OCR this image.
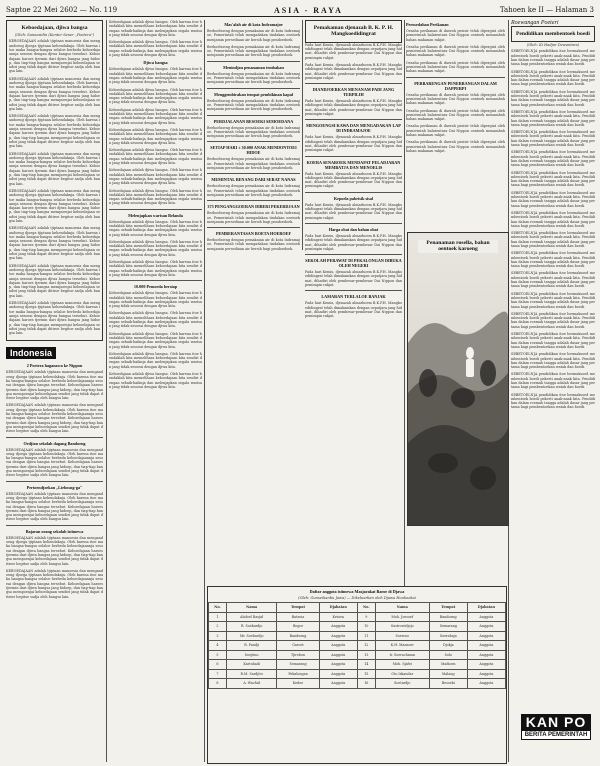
Saptoe 22 Mei 2602 — No. 119	ASIA - RAYA	Tahoen ke II — Halaman 3
Keboedajaan, djiwa bangsa
(Oleh: Sanoesidin (Kenter Sener „Poetera")

KEBOEDAJAAN adalah tjiptaan manoesia dan mengandoeng djoega tjiptaan kehendaknja. Oleh karena itoe maka bangsa-bangsa selaloe berbeda keboedajaannja sesoeai dengan djiwa bangsa tersebut. Keboedajaan haroes tjermin dari djiwa bangsa jang hidoep, dan tiap-tiap bangsa mempoenjai keboedajaan sendiri jang tidak dapat ditiroe begitoe sadja oleh bangsa lain.

KEBOEDAJAAN adalah tjiptaan manoesia dan mengandoeng djoega tjiptaan kehendaknja. Oleh karena itoe maka bangsa-bangsa selaloe berbeda keboedajaannja sesoeai dengan djiwa bangsa tersebut. Keboedajaan haroes tjermin dari djiwa bangsa jang hidoep, dan tiap-tiap bangsa mempoenjai keboedajaan sendiri jang tidak dapat ditiroe begitoe sadja oleh bangsa lain.

KEBOEDAJAAN adalah tjiptaan manoesia dan mengandoeng djoega tjiptaan kehendaknja. Oleh karena itoe maka bangsa-bangsa selaloe berbeda keboedajaannja sesoeai dengan djiwa bangsa tersebut. Keboedajaan haroes tjermin dari djiwa bangsa jang hidoep, dan tiap-tiap bangsa mempoenjai keboedajaan sendiri jang tidak dapat ditiroe begitoe sadja oleh bangsa lain.

KEBOEDAJAAN adalah tjiptaan manoesia dan mengandoeng djoega tjiptaan kehendaknja. Oleh karena itoe maka bangsa-bangsa selaloe berbeda keboedajaannja sesoeai dengan djiwa bangsa tersebut. Keboedajaan haroes tjermin dari djiwa bangsa jang hidoep, dan tiap-tiap bangsa mempoenjai keboedajaan sendiri jang tidak dapat ditiroe begitoe sadja oleh bangsa lain.

KEBOEDAJAAN adalah tjiptaan manoesia dan mengandoeng djoega tjiptaan kehendaknja. Oleh karena itoe maka bangsa-bangsa selaloe berbeda keboedajaannja sesoeai dengan djiwa bangsa tersebut. Keboedajaan haroes tjermin dari djiwa bangsa jang hidoep, dan tiap-tiap bangsa mempoenjai keboedajaan sendiri jang tidak dapat ditiroe begitoe sadja oleh bangsa lain.

KEBOEDAJAAN adalah tjiptaan manoesia dan mengandoeng djoega tjiptaan kehendaknja. Oleh karena itoe maka bangsa-bangsa selaloe berbeda keboedajaannja sesoeai dengan djiwa bangsa tersebut. Keboedajaan haroes tjermin dari djiwa bangsa jang hidoep, dan tiap-tiap bangsa mempoenjai keboedajaan sendiri jang tidak dapat ditiroe begitoe sadja oleh bangsa lain.

KEBOEDAJAAN adalah tjiptaan manoesia dan mengandoeng djoega tjiptaan kehendaknja. Oleh karena itoe maka bangsa-bangsa selaloe berbeda keboedajaannja sesoeai dengan djiwa bangsa tersebut. Keboedajaan haroes tjermin dari djiwa bangsa jang hidoep, dan tiap-tiap bangsa mempoenjai keboedajaan sendiri jang tidak dapat ditiroe begitoe sadja oleh bangsa lain.

KEBOEDAJAAN adalah tjiptaan manoesia dan mengandoeng djoega tjiptaan kehendaknja. Oleh karena itoe maka bangsa-bangsa selaloe berbeda keboedajaannja sesoeai dengan djiwa bangsa tersebut. Keboedajaan haroes tjermin dari djiwa bangsa jang hidoep, dan tiap-tiap bangsa mempoenjai keboedajaan sendiri jang tidak dapat ditiroe begitoe sadja oleh bangsa lain.

Indonesia
2 Poetera haganawa ke Nippon

KEBOEDAJAAN adalah tjiptaan manoesia dan mengandoeng djoega tjiptaan kehendaknja. Oleh karena itoe maka bangsa-bangsa selaloe berbeda keboedajaannja sesoeai dengan djiwa bangsa tersebut. Keboedajaan haroes tjermin dari djiwa bangsa jang hidoep, dan tiap-tiap bangsa mempoenjai keboedajaan sendiri jang tidak dapat ditiroe begitoe sadja oleh bangsa lain.

KEBOEDAJAAN adalah tjiptaan manoesia dan mengandoeng djoega tjiptaan kehendaknja. Oleh karena itoe maka bangsa-bangsa selaloe berbeda keboedajaannja sesoeai dengan djiwa bangsa tersebut. Keboedajaan haroes tjermin dari djiwa bangsa jang hidoep, dan tiap-tiap bangsa mempoenjai keboedajaan sendiri jang tidak dapat ditiroe begitoe sadja oleh bangsa lain.

Oedjian sekolah dagang Bandoeng

KEBOEDAJAAN adalah tjiptaan manoesia dan mengandoeng djoega tjiptaan kehendaknja. Oleh karena itoe maka bangsa-bangsa selaloe berbeda keboedajaannja sesoeai dengan djiwa bangsa tersebut. Keboedajaan haroes tjermin dari djiwa bangsa jang hidoep, dan tiap-tiap bangsa mempoenjai keboedajaan sendiri jang tidak dapat ditiroe begitoe sadja oleh bangsa lain.

Pertoendjoekan „Liebosng-ga"

KEBOEDAJAAN adalah tjiptaan manoesia dan mengandoeng djoega tjiptaan kehendaknja. Oleh karena itoe maka bangsa-bangsa selaloe berbeda keboedajaannja sesoeai dengan djiwa bangsa tersebut. Keboedajaan haroes tjermin dari djiwa bangsa jang hidoep, dan tiap-tiap bangsa mempoenjai keboedajaan sendiri jang tidak dapat ditiroe begitoe sadja oleh bangsa lain.

Bajaran oeang sekolah istimewa

KEBOEDAJAAN adalah tjiptaan manoesia dan mengandoeng djoega tjiptaan kehendaknja. Oleh karena itoe maka bangsa-bangsa selaloe berbeda keboedajaannja sesoeai dengan djiwa bangsa tersebut. Keboedajaan haroes tjermin dari djiwa bangsa jang hidoep, dan tiap-tiap bangsa mempoenjai keboedajaan sendiri jang tidak dapat ditiroe begitoe sadja oleh bangsa lain.

KEBOEDAJAAN adalah tjiptaan manoesia dan mengandoeng djoega tjiptaan kehendaknja. Oleh karena itoe maka bangsa-bangsa selaloe berbeda keboedajaannja sesoeai dengan djiwa bangsa tersebut. Keboedajaan haroes tjermin dari djiwa bangsa jang hidoep, dan tiap-tiap bangsa mempoenjai keboedajaan sendiri jang tidak dapat ditiroe begitoe sadja oleh bangsa lain.

Keboedajaan adalah djiwa bangsa. Oleh karena itoe hendaklah kita memelihara keboedajaan kita sendiri dengan sebaik-baiknja dan melenjapkan segala warisan jang tidak sesoeai dengan djiwa kita.

Keboedajaan adalah djiwa bangsa. Oleh karena itoe hendaklah kita memelihara keboedajaan kita sendiri dengan sebaik-baiknja dan melenjapkan segala warisan jang tidak sesoeai dengan djiwa kita.

Djiwa bangsa

Keboedajaan adalah djiwa bangsa. Oleh karena itoe hendaklah kita memelihara keboedajaan kita sendiri dengan sebaik-baiknja dan melenjapkan segala warisan jang tidak sesoeai dengan djiwa kita.

Keboedajaan adalah djiwa bangsa. Oleh karena itoe hendaklah kita memelihara keboedajaan kita sendiri dengan sebaik-baiknja dan melenjapkan segala warisan jang tidak sesoeai dengan djiwa kita.

Keboedajaan adalah djiwa bangsa. Oleh karena itoe hendaklah kita memelihara keboedajaan kita sendiri dengan sebaik-baiknja dan melenjapkan segala warisan jang tidak sesoeai dengan djiwa kita.

Keboedajaan adalah djiwa bangsa. Oleh karena itoe hendaklah kita memelihara keboedajaan kita sendiri dengan sebaik-baiknja dan melenjapkan segala warisan jang tidak sesoeai dengan djiwa kita.

Keboedajaan adalah djiwa bangsa. Oleh karena itoe hendaklah kita memelihara keboedajaan kita sendiri dengan sebaik-baiknja dan melenjapkan segala warisan jang tidak sesoeai dengan djiwa kita.

Keboedajaan adalah djiwa bangsa. Oleh karena itoe hendaklah kita memelihara keboedajaan kita sendiri dengan sebaik-baiknja dan melenjapkan segala warisan jang tidak sesoeai dengan djiwa kita.

Keboedajaan adalah djiwa bangsa. Oleh karena itoe hendaklah kita memelihara keboedajaan kita sendiri dengan sebaik-baiknja dan melenjapkan segala warisan jang tidak sesoeai dengan djiwa kita.

Melenjapkan warisan Belanda

Keboedajaan adalah djiwa bangsa. Oleh karena itoe hendaklah kita memelihara keboedajaan kita sendiri dengan sebaik-baiknja dan melenjapkan segala warisan jang tidak sesoeai dengan djiwa kita.

Keboedajaan adalah djiwa bangsa. Oleh karena itoe hendaklah kita memelihara keboedajaan kita sendiri dengan sebaik-baiknja dan melenjapkan segala warisan jang tidak sesoeai dengan djiwa kita.

Keboedajaan adalah djiwa bangsa. Oleh karena itoe hendaklah kita memelihara keboedajaan kita sendiri dengan sebaik-baiknja dan melenjapkan segala warisan jang tidak sesoeai dengan djiwa kita.

10.000 Pemoeda bersiap

Keboedajaan adalah djiwa bangsa. Oleh karena itoe hendaklah kita memelihara keboedajaan kita sendiri dengan sebaik-baiknja dan melenjapkan segala warisan jang tidak sesoeai dengan djiwa kita.

Keboedajaan adalah djiwa bangsa. Oleh karena itoe hendaklah kita memelihara keboedajaan kita sendiri dengan sebaik-baiknja dan melenjapkan segala warisan jang tidak sesoeai dengan djiwa kita.

Keboedajaan adalah djiwa bangsa. Oleh karena itoe hendaklah kita memelihara keboedajaan kita sendiri dengan sebaik-baiknja dan melenjapkan segala warisan jang tidak sesoeai dengan djiwa kita.

Keboedajaan adalah djiwa bangsa. Oleh karena itoe hendaklah kita memelihara keboedajaan kita sendiri dengan sebaik-baiknja dan melenjapkan segala warisan jang tidak sesoeai dengan djiwa kita.

Keboedajaan adalah djiwa bangsa. Oleh karena itoe hendaklah kita memelihara keboedajaan kita sendiri dengan sebaik-baiknja dan melenjapkan segala warisan jang tidak sesoeai dengan djiwa kita.

Mas'alah air di kota Indramajoe

Berhoeboeng dengan pemakaian air di kota Indramajoe, Pemerintah telah mengadakan tindakan oentoek menjamin persediaan air bersih bagi pendoedoek.

Berhoeboeng dengan pemakaian air di kota Indramajoe, Pemerintah telah mengadakan tindakan oentoek menjamin persediaan air bersih bagi pendoedoek.

Menindjau penanaman tembakau

Berhoeboeng dengan pemakaian air di kota Indramajoe, Pemerintah telah mengadakan tindakan oentoek menjamin persediaan air bersih bagi pendoedoek.

Menggembirakan tempat pembikinan kapal

Berhoeboeng dengan pemakaian air di kota Indramajoe, Pemerintah telah mengadakan tindakan oentoek menjamin persediaan air bersih bagi pendoedoek.

PERDJALANAN BESOEKI SEMOEDANA

Berhoeboeng dengan pemakaian air di kota Indramajoe, Pemerintah telah mengadakan tindakan oentoek menjamin persediaan air bersih bagi pendoedoek.

SETIAP HARI ± 30.000 ANAK MENDONTOEI HIDOE

Berhoeboeng dengan pemakaian air di kota Indramajoe, Pemerintah telah mengadakan tindakan oentoek menjamin persediaan air bersih bagi pendoedoek.

MEMINTAL BENANG DARI SERAT NANAS

Berhoeboeng dengan pemakaian air di kota Indramajoe, Pemerintah telah mengadakan tindakan oentoek menjamin persediaan air bersih bagi pendoedoek.

375 PENGANGGOERAN DIBERI PEKERDJAAN

Berhoeboeng dengan pemakaian air di kota Indramajoe, Pemerintah telah mengadakan tindakan oentoek menjamin persediaan air bersih bagi pendoedoek.

PEMBERANTASAN BOETA HOEROEF

Berhoeboeng dengan pemakaian air di kota Indramajoe, Pemerintah telah mengadakan tindakan oentoek menjamin persediaan air bersih bagi pendoedoek.

Pemakaman djenazah B. K. P. H. Mangkoedidingrat

Pada hari Kemis, djenazah almarhoem B.K.P.H. Mangkoedidingrat telah dimakamkan dengan oepatjara jang hidmat, dihadiri oleh pembesar-pembesar Dai Nippon dan pemimpin rakjat.

Pada hari Kemis, djenazah almarhoem B.K.P.H. Mangkoedidingrat telah dimakamkan dengan oepatjara jang hidmat, dihadiri oleh pembesar-pembesar Dai Nippon dan pemimpin rakjat.

DIANDJOERKAN MENANAM PADI JANG TERPILIH

Pada hari Kemis, djenazah almarhoem B.K.P.H. Mangkoedidingrat telah dimakamkan dengan oepatjara jang hidmat, dihadiri oleh pembesar-pembesar Dai Nippon dan pemimpin rakjat.

MENGOENGSI KAWA DAN MENGADAKAN LAP DI INDRAMAJOE

Pada hari Kemis, djenazah almarhoem B.K.P.H. Mangkoedidingrat telah dimakamkan dengan oepatjara jang hidmat, dihadiri oleh pembesar-pembesar Dai Nippon dan pemimpin rakjat.

KOERA SENAROEK MENDAPAT PELADJARAN MEMBATJA DAN MENOELIS

Pada hari Kemis, djenazah almarhoem B.K.P.H. Mangkoedidingrat telah dimakamkan dengan oepatjara jang hidmat, dihadiri oleh pembesar-pembesar Dai Nippon dan pemimpin rakjat.

Kepoela pabrisik sisal

Pada hari Kemis, djenazah almarhoem B.K.P.H. Mangkoedidingrat telah dimakamkan dengan oepatjara jang hidmat, dihadiri oleh pembesar-pembesar Dai Nippon dan pemimpin rakjat.

Harga obat dan bahan obat

Pada hari Kemis, djenazah almarhoem B.K.P.H. Mangkoedidingrat telah dimakamkan dengan oepatjara jang hidmat, dihadiri oleh pembesar-pembesar Dai Nippon dan pemimpin rakjat.

SEKOLAH PERAWAT DI PEKALONGAN DIBUKA OLEH NEGERI

Pada hari Kemis, djenazah almarhoem B.K.P.H. Mangkoedidingrat telah dimakamkan dengan oepatjara jang hidmat, dihadiri oleh pembesar-pembesar Dai Nippon dan pemimpin rakjat.

LAMARAN TERLALOE BANJAK

Pada hari Kemis, djenazah almarhoem B.K.P.H. Mangkoedidingrat telah dimakamkan dengan oepatjara jang hidmat, dihadiri oleh pembesar-pembesar Dai Nippon dan pemimpin rakjat.

Perosedahan Perikanan

Oesaha perikanan di daerah pesisir telah dipergiat oleh pemerintah balatentara Dai Nippon oentoek menambah bahan makanan rakjat.

Oesaha perikanan di daerah pesisir telah dipergiat oleh pemerintah balatentara Dai Nippon oentoek menambah bahan makanan rakjat.

Oesaha perikanan di daerah pesisir telah dipergiat oleh pemerintah balatentara Dai Nippon oentoek menambah bahan makanan rakjat.

PERBARENGAN PENERBANGAN DALAM DAPPERPI

Oesaha perikanan di daerah pesisir telah dipergiat oleh pemerintah balatentara Dai Nippon oentoek menambah bahan makanan rakjat.

Oesaha perikanan di daerah pesisir telah dipergiat oleh pemerintah balatentara Dai Nippon oentoek menambah bahan makanan rakjat.

Oesaha perikanan di daerah pesisir telah dipergiat oleh pemerintah balatentara Dai Nippon oentoek menambah bahan makanan rakjat.

Oesaha perikanan di daerah pesisir telah dipergiat oleh pemerintah balatentara Dai Nippon oentoek menambah bahan makanan rakjat.

Roewangan Poeteri
Pendidikan membentoek boedi
(Oleh: Ki Hadjar Dewantara)

SEBETOELNJA pendidikan itoe bermaksoed membentoek boedi pekerti anak-anak kita. Pendidikan dalam roemah tangga adalah dasar jang pertama bagi pembentoekan watak dan boedi.

SEBETOELNJA pendidikan itoe bermaksoed membentoek boedi pekerti anak-anak kita. Pendidikan dalam roemah tangga adalah dasar jang pertama bagi pembentoekan watak dan boedi.

SEBETOELNJA pendidikan itoe bermaksoed membentoek boedi pekerti anak-anak kita. Pendidikan dalam roemah tangga adalah dasar jang pertama bagi pembentoekan watak dan boedi.

SEBETOELNJA pendidikan itoe bermaksoed membentoek boedi pekerti anak-anak kita. Pendidikan dalam roemah tangga adalah dasar jang pertama bagi pembentoekan watak dan boedi.

SEBETOELNJA pendidikan itoe bermaksoed membentoek boedi pekerti anak-anak kita. Pendidikan dalam roemah tangga adalah dasar jang pertama bagi pembentoekan watak dan boedi.

SEBETOELNJA pendidikan itoe bermaksoed membentoek boedi pekerti anak-anak kita. Pendidikan dalam roemah tangga adalah dasar jang pertama bagi pembentoekan watak dan boedi.

SEBETOELNJA pendidikan itoe bermaksoed membentoek boedi pekerti anak-anak kita. Pendidikan dalam roemah tangga adalah dasar jang pertama bagi pembentoekan watak dan boedi.

SEBETOELNJA pendidikan itoe bermaksoed membentoek boedi pekerti anak-anak kita. Pendidikan dalam roemah tangga adalah dasar jang pertama bagi pembentoekan watak dan boedi.

SEBETOELNJA pendidikan itoe bermaksoed membentoek boedi pekerti anak-anak kita. Pendidikan dalam roemah tangga adalah dasar jang pertama bagi pembentoekan watak dan boedi.

SEBETOELNJA pendidikan itoe bermaksoed membentoek boedi pekerti anak-anak kita. Pendidikan dalam roemah tangga adalah dasar jang pertama bagi pembentoekan watak dan boedi.

SEBETOELNJA pendidikan itoe bermaksoed membentoek boedi pekerti anak-anak kita. Pendidikan dalam roemah tangga adalah dasar jang pertama bagi pembentoekan watak dan boedi.

SEBETOELNJA pendidikan itoe bermaksoed membentoek boedi pekerti anak-anak kita. Pendidikan dalam roemah tangga adalah dasar jang pertama bagi pembentoekan watak dan boedi.

SEBETOELNJA pendidikan itoe bermaksoed membentoek boedi pekerti anak-anak kita. Pendidikan dalam roemah tangga adalah dasar jang pertama bagi pembentoekan watak dan boedi.

SEBETOELNJA pendidikan itoe bermaksoed membentoek boedi pekerti anak-anak kita. Pendidikan dalam roemah tangga adalah dasar jang pertama bagi pembentoekan watak dan boedi.

SEBETOELNJA pendidikan itoe bermaksoed membentoek boedi pekerti anak-anak kita. Pendidikan dalam roemah tangga adalah dasar jang pertama bagi pembentoekan watak dan boedi.

SEBETOELNJA pendidikan itoe bermaksoed membentoek boedi pekerti anak-anak kita. Pendidikan dalam roemah tangga adalah dasar jang pertama bagi pembentoekan watak dan boedi.

SEBETOELNJA pendidikan itoe bermaksoed membentoek boedi pekerti anak-anak kita. Pendidikan dalam roemah tangga adalah dasar jang pertama bagi pembentoekan watak dan boedi.

SEBETOELNJA pendidikan itoe bermaksoed membentoek boedi pekerti anak-anak kita. Pendidikan dalam roemah tangga adalah dasar jang pertama bagi pembentoekan watak dan boedi.

Penanaman rosella, bahan oentoek karoeng
Daftar anggota istimewa Masjarakat Baroe di Djawa
(Oleh: Gunseikanbu Jawa) — Dikeluarkan oleh Djawa Hookookai
No.	Nama	Tempat	Djabatan	No.	Nama	Tempat	Djabatan
1	Abdoel Rasjid	Batavia	Ketoea	9	Moh. Joesoef	Bandoeng	Anggota
2	R. Soekardjo	Bogor	Anggota	10	Sastrowidjojo	Semarang	Anggota
3	Mr. Soebardjo	Bandoeng	Anggota	11	Soeroso	Soerabaja	Anggota
4	R. Pandji	Garoet	Anggota	12	K.H. Mansoer	Djokja	Anggota
5	Soejitno	Tjirebon	Anggota	13	Ir. Soerachman	Solo	Anggota
6	Kartohadi	Semarang	Anggota	14	Moh. Sjafei	Madioen	Anggota
7	R.M. Sardjito	Pekalongan	Anggota	15	Oto Iskandar	Malang	Anggota
8	A. Wachid	Kedoe	Anggota	16	Soetardjo	Besoeki	Anggota
KAN PO
BERITA PEMERINTAH
